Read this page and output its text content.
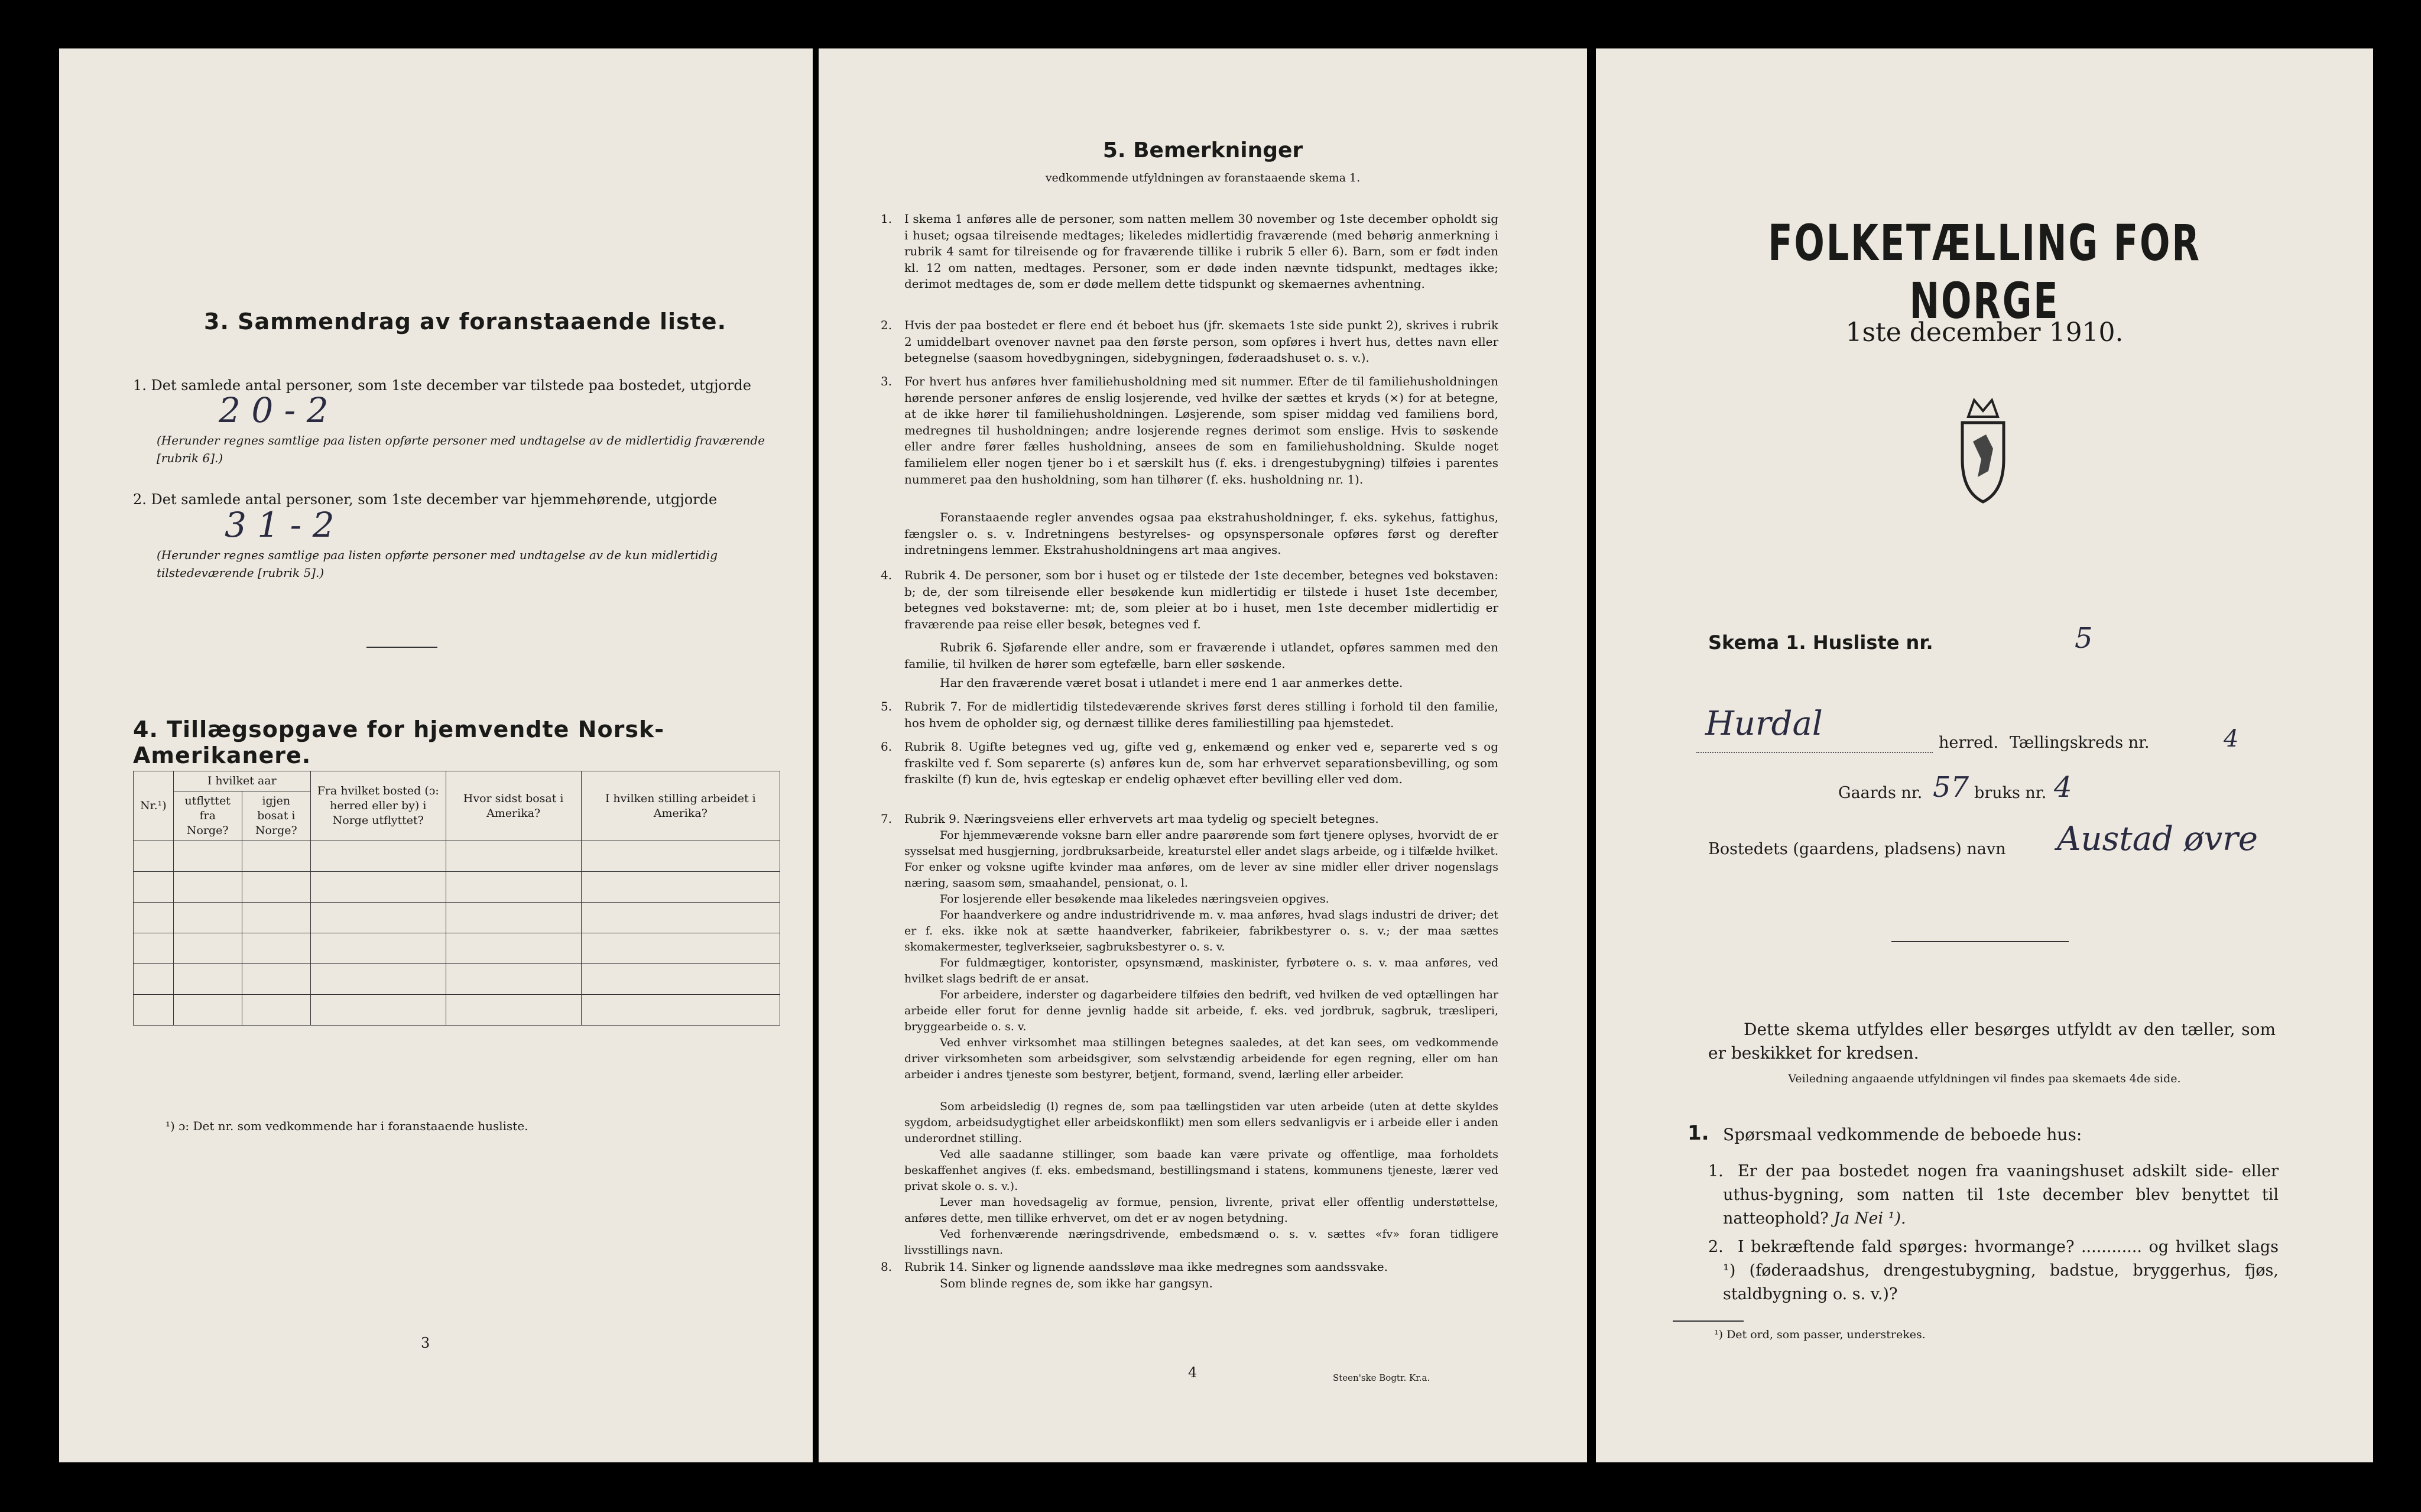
3. Sammendrag av foranstaaende liste.
1. Det samlede antal personer, som 1ste december var tilstede paa bostedet, utgjorde
2 0 - 2
(Herunder regnes samtlige paa listen opførte personer med undtagelse av de midlertidig fraværende [rubrik 6].)
2. Det samlede antal personer, som 1ste december var hjemmehørende, utgjorde
3 1 - 2
(Herunder regnes samtlige paa listen opførte personer med undtagelse av de kun midlertidig tilstedeværende [rubrik 5].)
4. Tillægsopgave for hjemvendte Norsk-Amerikanere.
Nr.¹)	I hvilket aar		Fra hvilket bosted (ɔ: herred eller by) i Norge utflyttet?	Hvor sidst bosat i Amerika?	I hvilken stilling arbeidet i Amerika?
	utflyttet fra Norge?	igjen bosat i Norge?			

¹) ɔ: Det nr. som vedkommende har i foranstaaende husliste.
3
5. Bemerkninger
vedkommende utfyldningen av foranstaaende skema 1.
1. I skema 1 anføres alle de personer, som natten mellem 30 november og 1ste december opholdt sig i huset; ogsaa tilreisende medtages; likeledes midlertidig fraværende (med behørig anmerkning i rubrik 4 samt for tilreisende og for fraværende tillike i rubrik 5 eller 6). Barn, som er født inden kl. 12 om natten, medtages. Personer, som er døde inden nævnte tidspunkt, medtages ikke; derimot medtages de, som er døde mellem dette tidspunkt og skemaernes avhentning.
2. Hvis der paa bostedet er flere end ét beboet hus (jfr. skemaets 1ste side punkt 2), skrives i rubrik 2 umiddelbart ovenover navnet paa den første person, som opføres i hvert hus, dettes navn eller betegnelse (saasom hovedbygningen, sidebygningen, føderaadshuset o. s. v.).
3. For hvert hus anføres hver familiehusholdning med sit nummer. Efter de til familiehusholdningen hørende personer anføres de enslig losjerende, ved hvilke der sættes et kryds (×) for at betegne, at de ikke hører til familiehusholdningen. Løsjerende, som spiser middag ved familiens bord, medregnes til husholdningen; andre losjerende regnes derimot som enslige. Hvis to søskende eller andre fører fælles husholdning, ansees de som en familiehusholdning. Skulde noget familielem eller nogen tjener bo i et særskilt hus (f. eks. i drengestubygning) tilføies i parentes nummeret paa den husholdning, som han tilhører (f. eks. husholdning nr. 1).
Foranstaaende regler anvendes ogsaa paa ekstrahusholdninger, f. eks. sykehus, fattighus, fængsler o. s. v. Indretningens bestyrelses- og opsynspersonale opføres først og derefter indretningens lemmer. Ekstrahusholdningens art maa angives.
4. Rubrik 4. De personer, som bor i huset og er tilstede der 1ste december, betegnes ved bokstaven: b; de, der som tilreisende eller besøkende kun midlertidig er tilstede i huset 1ste december, betegnes ved bokstaverne: mt; de, som pleier at bo i huset, men 1ste december midlertidig er fraværende paa reise eller besøk, betegnes ved f.
Rubrik 6. Sjøfarende eller andre, som er fraværende i utlandet, opføres sammen med den familie, til hvilken de hører som egtefælle, barn eller søskende.
Har den fraværende været bosat i utlandet i mere end 1 aar anmerkes dette.
5. Rubrik 7. For de midlertidig tilstedeværende skrives først deres stilling i forhold til den familie, hos hvem de opholder sig, og dernæst tillike deres familiestilling paa hjemstedet.
6. Rubrik 8. Ugifte betegnes ved ug, gifte ved g, enkemænd og enker ved e, separerte ved s og fraskilte ved f. Som separerte (s) anføres kun de, som har erhvervet separationsbevilling, og som fraskilte (f) kun de, hvis egteskap er endelig ophævet efter bevilling eller ved dom.
7. Rubrik 9. Næringsveiens eller erhvervets art maa tydelig og specielt betegnes.
For hjemmeværende voksne barn eller andre paarørende som ført tjenere oplyses, hvorvidt de er sysselsat med husgjerning, jordbruksarbeide, kreaturstel eller andet slags arbeide, og i tilfælde hvilket. For enker og voksne ugifte kvinder maa anføres, om de lever av sine midler eller driver nogenslags næring, saasom søm, smaahandel, pensionat, o. l.
For losjerende eller besøkende maa likeledes næringsveien opgives.
For haandverkere og andre industridrivende m. v. maa anføres, hvad slags industri de driver; det er f. eks. ikke nok at sætte haandverker, fabrikeier, fabrikbestyrer o. s. v.; der maa sættes skomakermester, teglverkseier, sagbruksbestyrer o. s. v.
For fuldmægtiger, kontorister, opsynsmænd, maskinister, fyrbøtere o. s. v. maa anføres, ved hvilket slags bedrift de er ansat.
For arbeidere, inderster og dagarbeidere tilføies den bedrift, ved hvilken de ved optællingen har arbeide eller forut for denne jevnlig hadde sit arbeide, f. eks. ved jordbruk, sagbruk, træsliperi, bryggearbeide o. s. v.
Ved enhver virksomhet maa stillingen betegnes saaledes, at det kan sees, om vedkommende driver virksomheten som arbeidsgiver, som selvstændig arbeidende for egen regning, eller om han arbeider i andres tjeneste som bestyrer, betjent, formand, svend, lærling eller arbeider.
Som arbeidsledig (l) regnes de, som paa tællingstiden var uten arbeide (uten at dette skyldes sygdom, arbeidsudygtighet eller arbeidskonflikt) men som ellers sedvanligvis er i arbeide eller i anden underordnet stilling.
Ved alle saadanne stillinger, som baade kan være private og offentlige, maa forholdets beskaffenhet angives (f. eks. embedsmand, bestillingsmand i statens, kommunens tjeneste, lærer ved privat skole o. s. v.).
Lever man hovedsagelig av formue, pension, livrente, privat eller offentlig understøttelse, anføres dette, men tillike erhvervet, om det er av nogen betydning.
Ved forhenværende næringsdrivende, embedsmænd o. s. v. sættes «fv» foran tidligere livsstillings navn.
8. Rubrik 14. Sinker og lignende aandssløve maa ikke medregnes som aandssvake.
Som blinde regnes de, som ikke har gangsyn.
4	Steen'ske Bogtr. Kr.a.
FOLKETÆLLING FOR NORGE
1ste december 1910.
Skema 1. Husliste nr.	5
Hurdal	herred. Tællingskreds nr.	4
Gaards nr. 57 bruks nr. 4
Bostedets (gaardens, pladsens) navn Austad øvre
Dette skema utfyldes eller besørges utfyldt av den tæller, som er beskikket for kredsen.
Veiledning angaaende utfyldningen vil findes paa skemaets 4de side.
1. Spørsmaal vedkommende de beboede hus:
1. Er der paa bostedet nogen fra vaaningshuset adskilt side- eller uthus-bygning, som natten til 1ste december blev benyttet til natteophold? Ja Nei ¹).
2. I bekræftende fald spørges: hvormange? ............ og hvilket slags ¹) (føderaadshus, drengestubygning, badstue, bryggerhus, fjøs, staldbygning o. s. v.)?
¹) Det ord, som passer, understrekes.
